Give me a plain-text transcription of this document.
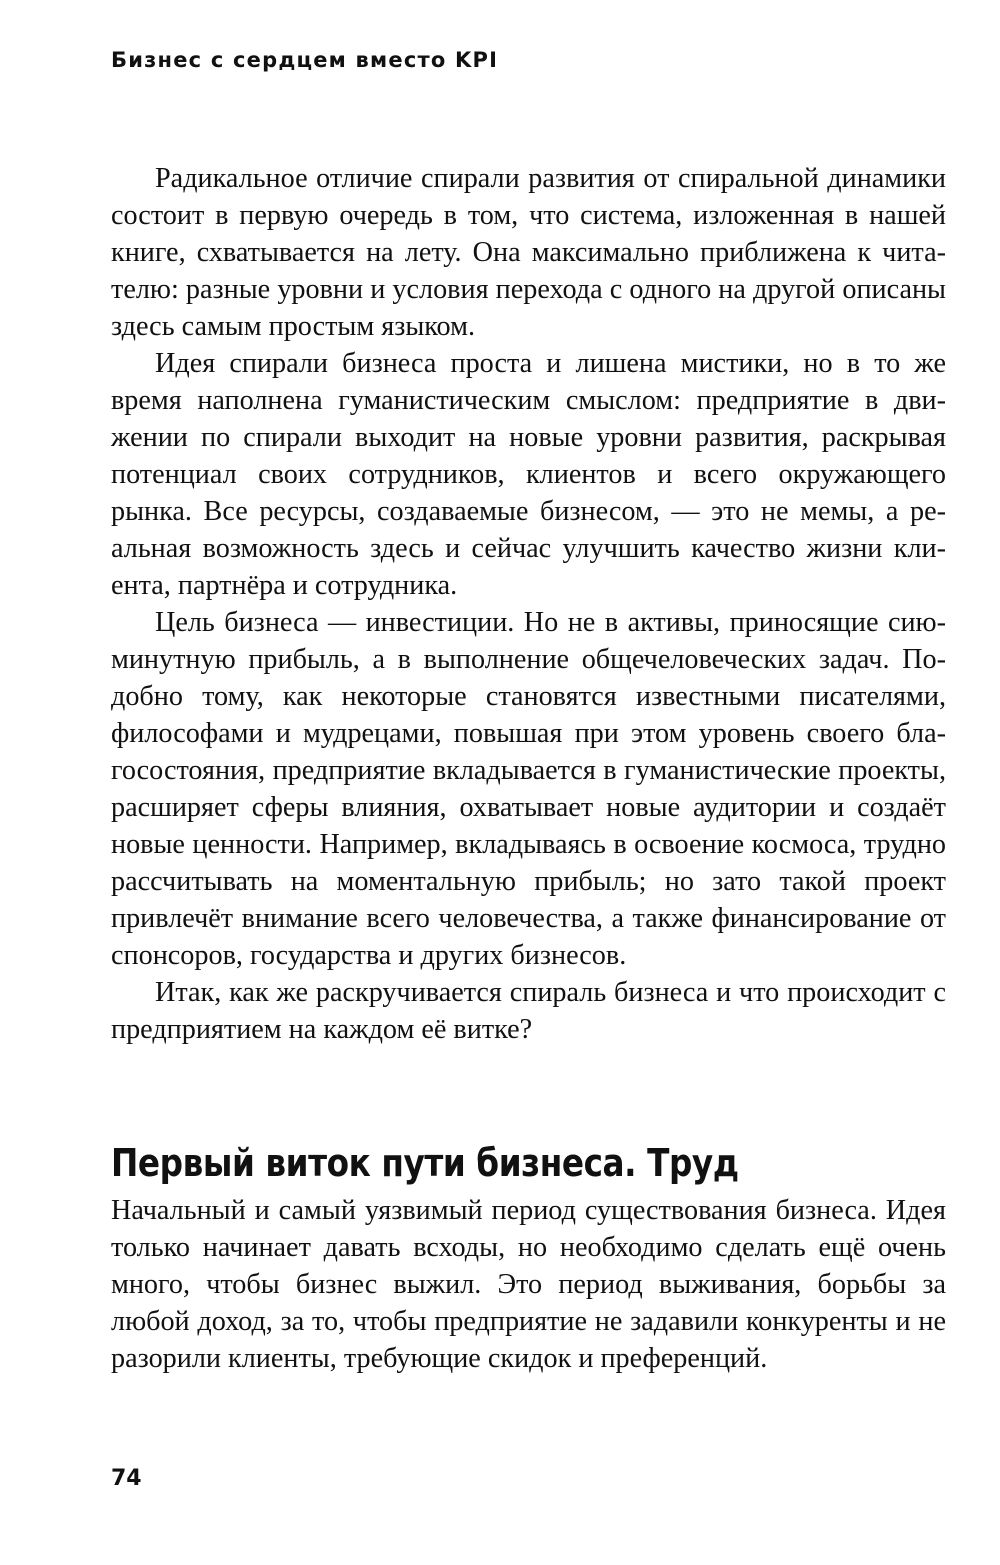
Бизнес с сердцем вместо KPI

Радикальное отличие спирали развития от спиральной динамики состоит в первую очередь в том, что система, изложенная в нашей книге, схватывается на лету. Она максимально приближена к читателю: разные уровни и условия перехода с одного на другой описаны здесь самым простым языком.

Идея спирали бизнеса проста и лишена мистики, но в то же время наполнена гуманистическим смыслом: предприятие в движении по спирали выходит на новые уровни развития, раскрывая потенциал своих сотрудников, клиентов и всего окружающего рынка. Все ресурсы, создаваемые бизнесом, — это не мемы, а реальная возможность здесь и сейчас улучшить качество жизни клиента, партнёра и сотрудника.

Цель бизнеса — инвестиции. Но не в активы, приносящие сиюминутную прибыль, а в выполнение общечеловеческих задач. Подобно тому, как некоторые становятся известными писателями, философами и мудрецами, повышая при этом уровень своего благосостояния, предприятие вкладывается в гуманистические проекты, расширяет сферы влияния, охватывает новые аудитории и создаёт новые ценности. Например, вкладываясь в освоение космоса, трудно рассчитывать на моментальную прибыль; но зато такой проект привлечёт внимание всего человечества, а также финансирование от спонсоров, государства и других бизнесов.

Итак, как же раскручивается спираль бизнеса и что происходит с предприятием на каждом её витке?

Первый виток пути бизнеса. Труд

Начальный и самый уязвимый период существования бизнеса. Идея только начинает давать всходы, но необходимо сделать ещё очень много, чтобы бизнес выжил. Это период выживания, борьбы за любой доход, за то, чтобы предприятие не задавили конкуренты и не разорили клиенты, требующие скидок и преференций.

74
